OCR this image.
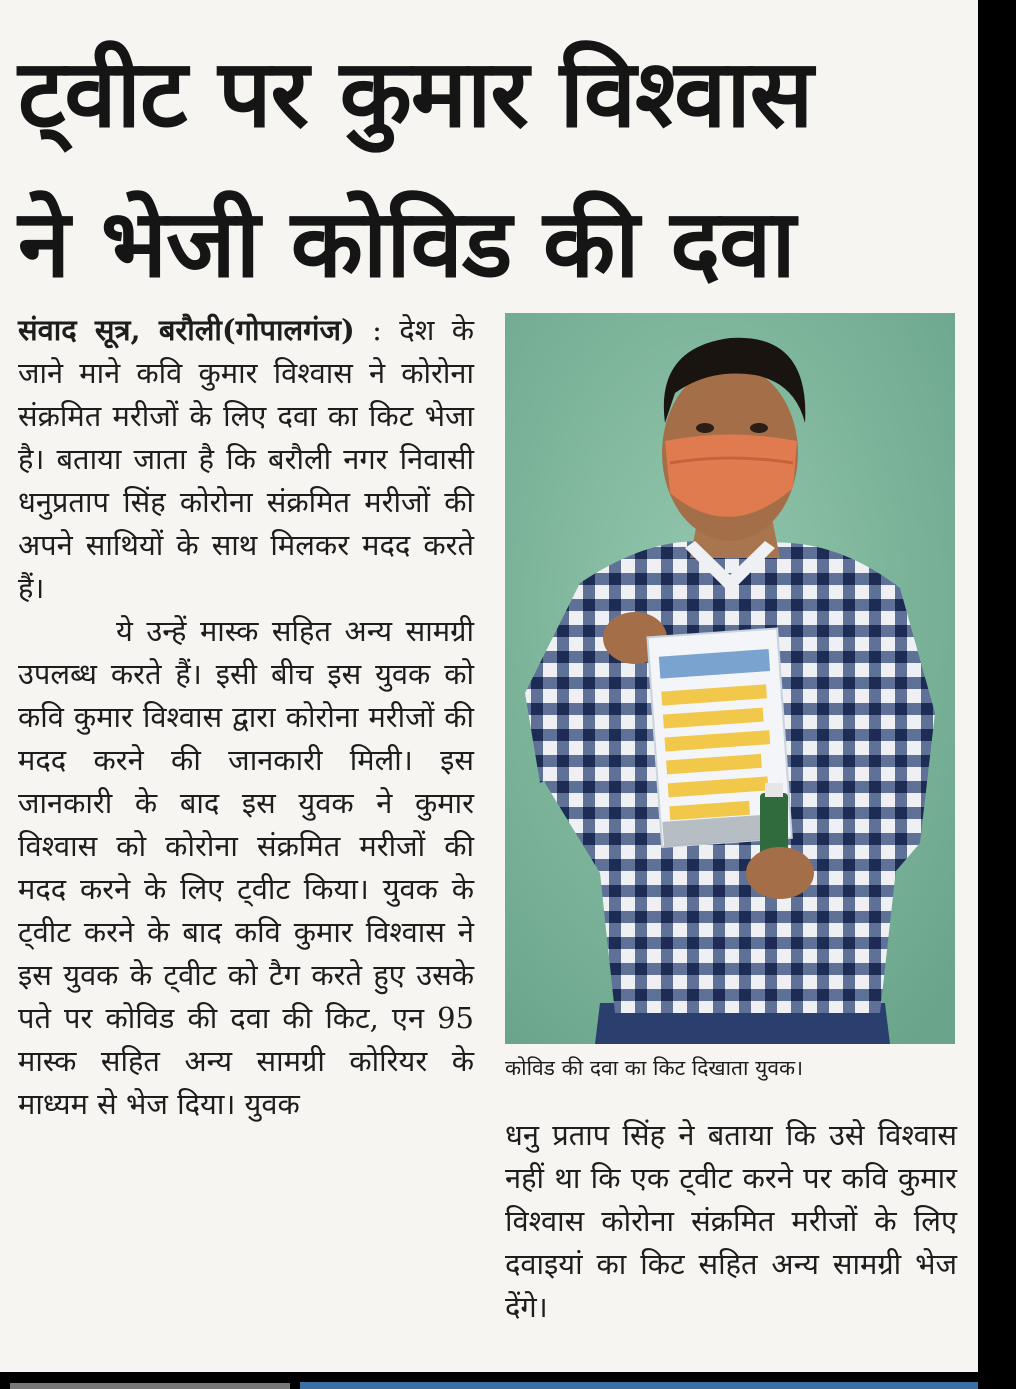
ट्वीट पर कुमार विश्वास
ने भेजी कोविड की दवा

संवाद सूत्र, बरौली(गोपालगंज) : देश के जाने माने कवि कुमार विश्वास ने कोरोना संक्रमित मरीजों के लिए दवा का किट भेजा है। बताया जाता है कि बरौली नगर निवासी धनुप्रताप सिंह कोरोना संक्रमित मरीजों की अपने साथियों के साथ मिलकर मदद करते हैं।

ये उन्हें मास्क सहित अन्य सामग्री उपलब्ध करते हैं। इसी बीच इस युवक को कवि कुमार विश्वास द्वारा कोरोना मरीजों की मदद करने की जानकारी मिली। इस जानकारी के बाद इस युवक ने कुमार विश्वास को कोरोना संक्रमित मरीजों की मदद करने के लिए ट्वीट किया। युवक के ट्वीट करने के बाद कवि कुमार विश्वास ने इस युवक के ट्वीट को टैग करते हुए उसके पते पर कोविड की दवा की किट, एन 95 मास्क सहित अन्य सामग्री कोरियर के माध्यम से भेज दिया। युवक

कोविड की दवा का किट दिखाता युवक।

धनु प्रताप सिंह ने बताया कि उसे विश्वास नहीं था कि एक ट्वीट करने पर कवि कुमार विश्वास कोरोना संक्रमित मरीजों के लिए दवाइयां का किट सहित अन्य सामग्री भेज देंगे।
